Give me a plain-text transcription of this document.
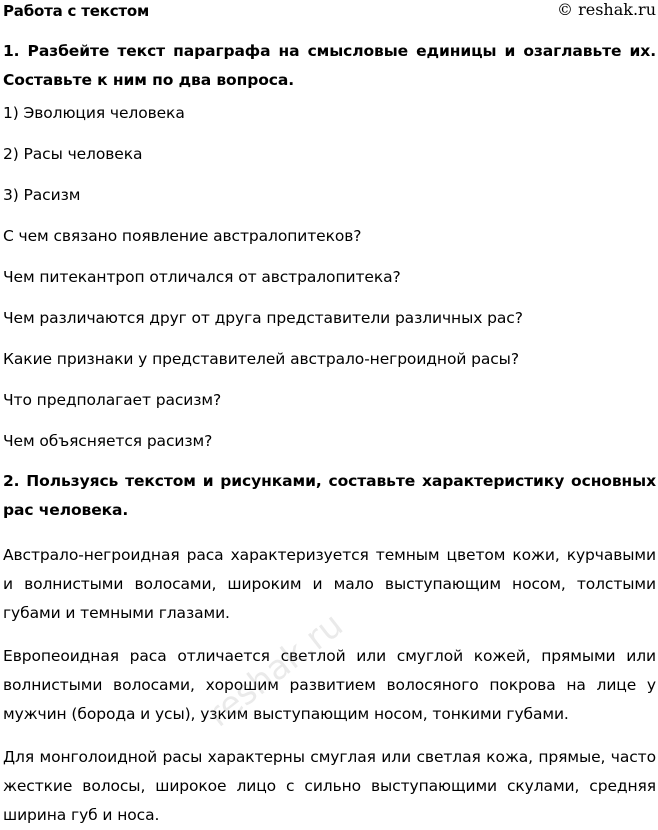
Работа с текстом	© reshak.ru
1. Разбейте текст параграфа на смысловые единицы и озаглавьте их. Составьте к ним по два вопроса.

1) Эволюция человека

2) Расы человека

3) Расизм

С чем связано появление австралопитеков?

Чем питекантроп отличался от австралопитека?

Чем различаются друг от друга представители различных рас?

Какие признаки у представителей австрало-негроидной расы?

Что предполагает расизм?

Чем объясняется расизм?

2. Пользуясь текстом и рисунками, составьте характеристику основных рас человека.

Австрало-негроидная раса характеризуется темным цветом кожи, курчавыми и волнистыми волосами, широким и мало выступающим носом, толстыми губами и темными глазами.

Европеоидная раса отличается светлой или смуглой кожей, прямыми или волнистыми волосами, хорошим развитием волосяного покрова на лице у мужчин (борода и усы), узким выступающим носом, тонкими губами.

Для монголоидной расы характерны смуглая или светлая кожа, прямые, часто жесткие волосы, широкое лицо с сильно выступающими скулами, средняя ширина губ и носа.

reshak.ru
